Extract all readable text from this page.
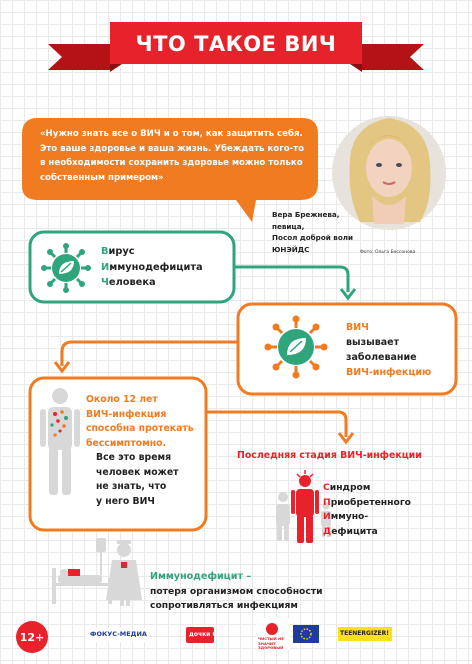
ЧТО ТАКОЕ ВИЧ
«Нужно знать все о ВИЧ и о том, как защитить себя.
Это ваше здоровье и ваша жизнь. Убеждать кого-то
в необходимости сохранить здоровье можно только
собственным примером»
Вера Брежнева,
певица,
Посол доброй воли
ЮНЭЙДС	Фото: Ольга Бессонова
Вирус
Иммунодефицита
Человека
ВИЧ
вызывает
заболевание
ВИЧ-инфекцию
Около 12 лет
ВИЧ-инфекция
способна протекать
бессимптомно.
Все это время
человек может
не знать, что
у него ВИЧ
Последняя стадия ВИЧ-инфекции
Синдром
Приобретенного
Иммуно-
Дефицита
Иммунодефицит –
потеря организмом способности
сопротивляться инфекциям
12+	ФОКУС-МЕДИА	дочки 0-
ЧИСТЫЙ НЕ ЗНАЧИТ ЗДОРОВЫЙ
TEENERGIZER!
